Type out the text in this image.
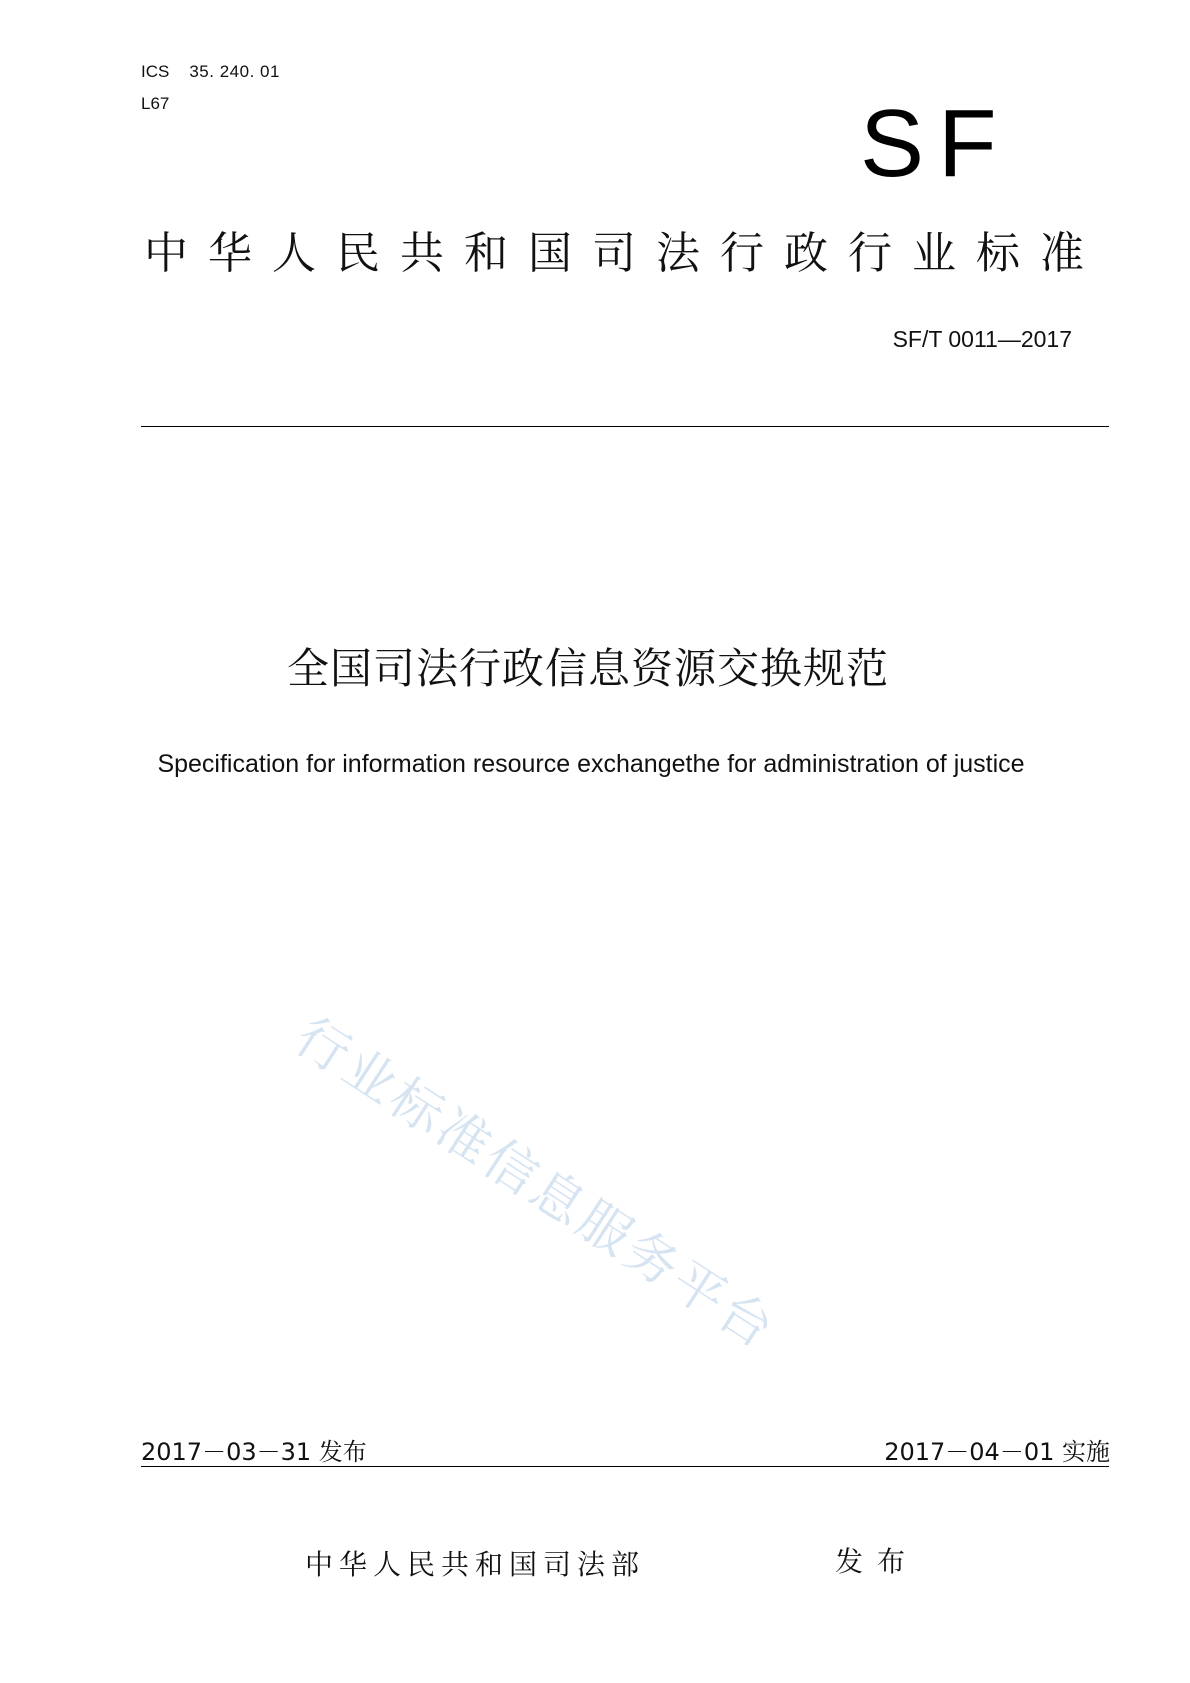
ICS 35. 240. 01
L67	SF
中华人民共和国司法行政行业标准
SF/T 0011—2017
全国司法行政信息资源交换规范
Specification for information resource exchangethe for administration of justice
行业标准信息服务平台
2017－03－31 发布	2017－04－01 实施
中华人民共和国司法部	发布
